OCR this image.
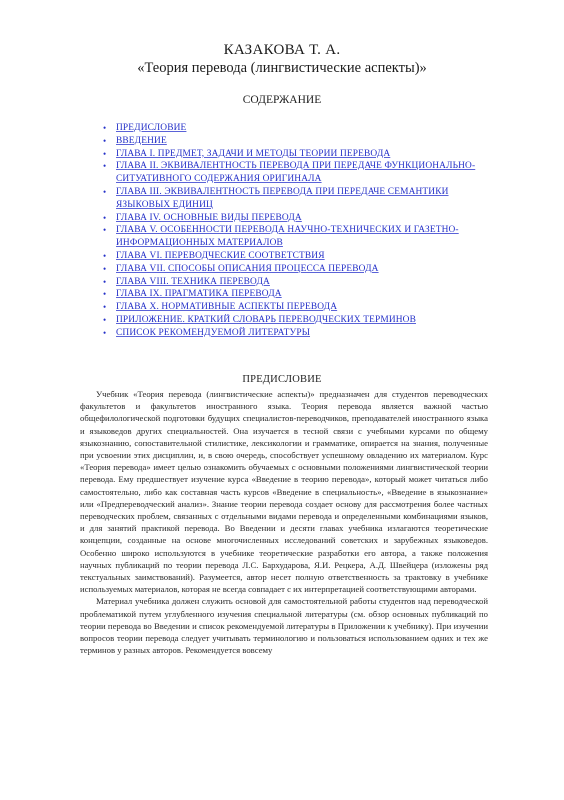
КАЗАКОВА Т. А.
«Теория перевода (лингвистические аспекты)»
СОДЕРЖАНИЕ
• ПРЕДИСЛОВИЕ
• ВВЕДЕНИЕ
• ГЛАВА I. ПРЕДМЕТ, ЗАДАЧИ И МЕТОДЫ ТЕОРИИ ПЕРЕВОДА
• ГЛАВА II. ЭКВИВАЛЕНТНОСТЬ ПЕРЕВОДА ПРИ ПЕРЕДАЧЕ ФУНКЦИОНАЛЬНО-СИТУАТИВНОГО СОДЕРЖАНИЯ ОРИГИНАЛА
• ГЛАВА III. ЭКВИВАЛЕНТНОСТЬ ПЕРЕВОДА ПРИ ПЕРЕДАЧЕ СЕМАНТИКИ ЯЗЫКОВЫХ ЕДИНИЦ
• ГЛАВА IV. ОСНОВНЫЕ ВИДЫ ПЕРЕВОДА
• ГЛАВА V. ОСОБЕННОСТИ ПЕРЕВОДА НАУЧНО-ТЕХНИЧЕСКИХ И ГАЗЕТНО-ИНФОРМАЦИОННЫХ МАТЕРИАЛОВ
• ГЛАВА VI. ПЕРЕВОДЧЕСКИЕ СООТВЕТСТВИЯ
• ГЛАВА VII. СПОСОБЫ ОПИСАНИЯ ПРОЦЕССА ПЕРЕВОДА
• ГЛАВА VIII. ТЕХНИКА ПЕРЕВОДА
• ГЛАВА IX. ПРАГМАТИКА ПЕРЕВОДА
• ГЛАВА X. НОРМАТИВНЫЕ АСПЕКТЫ ПЕРЕВОДА
• ПРИЛОЖЕНИЕ. КРАТКИЙ СЛОВАРЬ ПЕРЕВОДЧЕСКИХ ТЕРМИНОВ
• СПИСОК РЕКОМЕНДУЕМОЙ ЛИТЕРАТУРЫ
ПРЕДИСЛОВИЕ

Учебник «Теория перевода (лингвистические аспекты)» предназначен для студентов переводческих факультетов и факультетов иностранного языка. Теория перевода является важной частью общефилологической подготовки будущих специалистов-переводчиков, преподавателей иностранного языка и языковедов других специальностей. Она изучается в тесной связи с учебными курсами по общему языкознанию, сопоставительной стилистике, лексикологии и грамматике, опирается на знания, полученные при усвоении этих дисциплин, и, в свою очередь, способствует успешному овладению их материалом. Курс «Теория перевода» имеет целью ознакомить обучаемых с основными положениями лингвистической теории перевода. Ему предшествует изучение курса «Введение в теорию перевода», который может читаться либо самостоятельно, либо как составная часть курсов «Введение в специальность», «Введение в языкознание» или «Предпереводческий анализ». Знание теории перевода создает основу для рассмотрения более частных переводческих проблем, связанных с отдельными видами перевода и определенными комбинациями языков, и для занятий практикой перевода. Во Введении и десяти главах учебника излагаются теоретические концепции, созданные на основе многочисленных исследований советских и зарубежных языковедов. Особенно широко используются в учебнике теоретические разработки его автора, а также положения научных публикаций по теории перевода Л.С. Бархударова, Я.И. Рецкера, А.Д. Швейцера (изложены ряд текстуальных заимствований). Разумеется, автор несет полную ответственность за трактовку в учебнике используемых материалов, которая не всегда совпадает с их интерпретацией соответствующими авторами.

Материал учебника должен служить основой для самостоятельной работы студентов над переводческой проблематикой путем углубленного изучения специальной литературы (см. обзор основных публикаций по теории перевода во Введении и список рекомендуемой литературы в Приложении к учебнику). При изучении вопросов теории перевода следует учитывать терминологию и пользоваться использованием одних и тех же терминов у разных авторов. Рекомендуется вовсему
